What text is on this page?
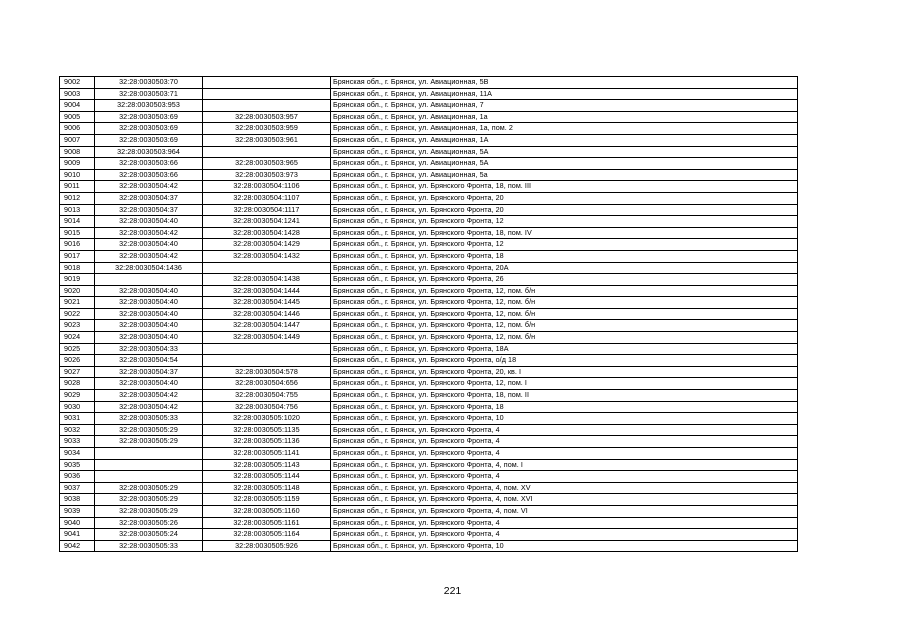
9002	32:28:0030503:70		Брянская обл., г. Брянск, ул. Авиационная, 5В
9003	32:28:0030503:71		Брянская обл., г. Брянск, ул. Авиационная, 11А
9004	32:28:0030503:953		Брянская обл., г. Брянск, ул. Авиационная, 7
9005	32:28:0030503:69	32:28:0030503:957	Брянская обл., г. Брянск, ул. Авиационная, 1а
9006	32:28:0030503:69	32:28:0030503:959	Брянская обл., г. Брянск, ул. Авиационная, 1а, пом. 2
9007	32:28:0030503:69	32:28:0030503:961	Брянская обл., г. Брянск, ул. Авиационная, 1А
9008	32:28:0030503:964		Брянская обл., г. Брянск, ул. Авиационная, 5А
9009	32:28:0030503:66	32:28:0030503:965	Брянская обл., г. Брянск, ул. Авиационная, 5А
9010	32:28:0030503:66	32:28:0030503:973	Брянская обл., г. Брянск, ул. Авиационная, 5а
9011	32:28:0030504:42	32:28:0030504:1106	Брянская обл., г. Брянск, ул. Брянского Фронта, 18, пом. III
9012	32:28:0030504:37	32:28:0030504:1107	Брянская обл., г. Брянск, ул. Брянского Фронта, 20
9013	32:28:0030504:37	32:28:0030504:1117	Брянская обл., г. Брянск, ул. Брянского Фронта, 20
9014	32:28:0030504:40	32:28:0030504:1241	Брянская обл., г. Брянск, ул. Брянского Фронта, 12
9015	32:28:0030504:42	32:28:0030504:1428	Брянская обл., г. Брянск, ул. Брянского Фронта, 18, пом. IV
9016	32:28:0030504:40	32:28:0030504:1429	Брянская обл., г. Брянск, ул. Брянского Фронта, 12
9017	32:28:0030504:42	32:28:0030504:1432	Брянская обл., г. Брянск, ул. Брянского Фронта, 18
9018	32:28:0030504:1436		Брянская обл., г. Брянск, ул. Брянского Фронта, 20А
9019		32:28:0030504:1438	Брянская обл., г. Брянск, ул. Брянского Фронта, 26
9020	32:28:0030504:40	32:28:0030504:1444	Брянская обл., г. Брянск, ул. Брянского Фронта, 12, пом. б/н
9021	32:28:0030504:40	32:28:0030504:1445	Брянская обл., г. Брянск, ул. Брянского Фронта, 12, пом. б/н
9022	32:28:0030504:40	32:28:0030504:1446	Брянская обл., г. Брянск, ул. Брянского Фронта, 12, пом. б/н
9023	32:28:0030504:40	32:28:0030504:1447	Брянская обл., г. Брянск, ул. Брянского Фронта, 12, пом. б/н
9024	32:28:0030504:40	32:28:0030504:1449	Брянская обл., г. Брянск, ул. Брянского Фронта, 12, пом. б/н
9025	32:28:0030504:33		Брянская обл., г. Брянск, ул. Брянского Фронта, 18А
9026	32:28:0030504:54		Брянская обл., г. Брянск, ул. Брянского Фронта, о/д 18
9027	32:28:0030504:37	32:28:0030504:578	Брянская обл., г. Брянск, ул. Брянского Фронта, 20, кв. I
9028	32:28:0030504:40	32:28:0030504:656	Брянская обл., г. Брянск, ул. Брянского Фронта, 12, пом. I
9029	32:28:0030504:42	32:28:0030504:755	Брянская обл., г. Брянск, ул. Брянского Фронта, 18, пом. II
9030	32:28:0030504:42	32:28:0030504:756	Брянская обл., г. Брянск, ул. Брянского Фронта, 18
9031	32:28:0030505:33	32:28:0030505:1020	Брянская обл., г. Брянск, ул. Брянского Фронта, 10
9032	32:28:0030505:29	32:28:0030505:1135	Брянская обл., г. Брянск, ул. Брянского Фронта, 4
9033	32:28:0030505:29	32:28:0030505:1136	Брянская обл., г. Брянск, ул. Брянского Фронта, 4
9034		32:28:0030505:1141	Брянская обл., г. Брянск, ул. Брянского Фронта, 4
9035		32:28:0030505:1143	Брянская обл., г. Брянск, ул. Брянского Фронта, 4, пом. I
9036		32:28:0030505:1144	Брянская обл., г. Брянск, ул. Брянского Фронта, 4
9037	32:28:0030505:29	32:28:0030505:1148	Брянская обл., г. Брянск, ул. Брянского Фронта, 4, пом. XV
9038	32:28:0030505:29	32:28:0030505:1159	Брянская обл., г. Брянск, ул. Брянского Фронта, 4, пом. XVI
9039	32:28:0030505:29	32:28:0030505:1160	Брянская обл., г. Брянск, ул. Брянского Фронта, 4, пом. VI
9040	32:28:0030505:26	32:28:0030505:1161	Брянская обл., г. Брянск, ул. Брянского Фронта, 4
9041	32:28:0030505:24	32:28:0030505:1164	Брянская обл., г. Брянск, ул. Брянского Фронта, 4
9042	32:28:0030505:33	32:28:0030505:926	Брянская обл., г. Брянск, ул. Брянского Фронта, 10
221
